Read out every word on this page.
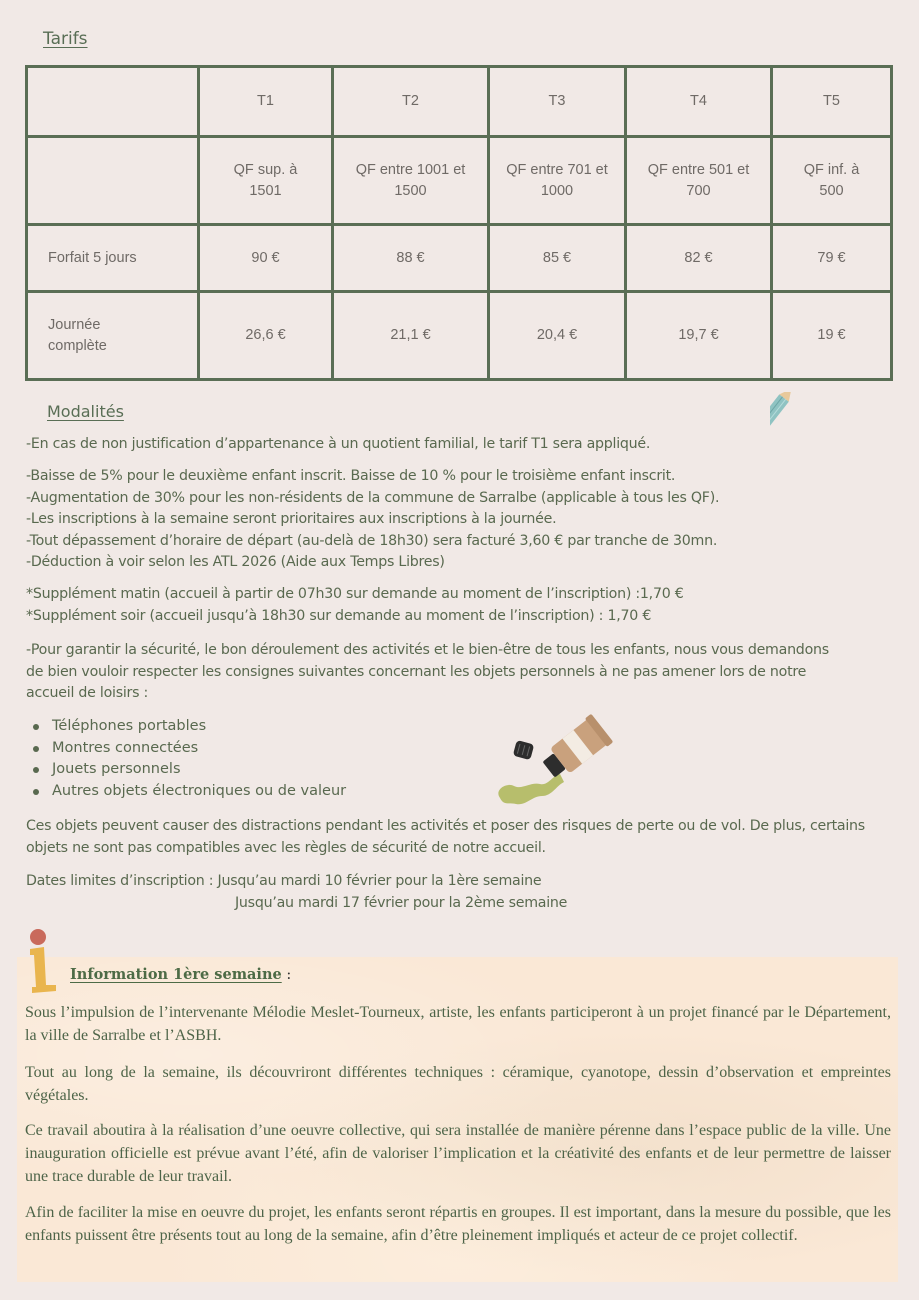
Tarifs
	T1	T2	T3	T4	T5
	QF sup. à 1501	QF entre 1001 et 1500	QF entre 701 et 1000	QF entre 501 et 700	QF inf. à 500
Forfait 5 jours	90 €	88 €	85 €	82 €	79 €
Journée complète	26,6 €	21,1 €	20,4 €	19,7 €	19 €
Modalités

-En cas de non justification d’appartenance à un quotient familial, le tarif T1 sera appliqué.

-Baisse de 5% pour le deuxième enfant inscrit. Baisse de 10 % pour le troisième enfant inscrit.

-Augmentation de 30% pour les non-résidents de la commune de Sarralbe (applicable à tous les QF).

-Les inscriptions à la semaine seront prioritaires aux inscriptions à la journée.

-Tout dépassement d’horaire de départ (au-delà de 18h30) sera facturé 3,60 € par tranche de 30mn.

-Déduction à voir selon les ATL 2026 (Aide aux Temps Libres)

*Supplément matin (accueil à partir de 07h30 sur demande au moment de l’inscription) :1,70 €

*Supplément soir (accueil jusqu’à 18h30 sur demande au moment de l’inscription) : 1,70 €

-Pour garantir la sécurité, le bon déroulement des activités et le bien-être de tous les enfants, nous vous demandons de bien vouloir respecter les consignes suivantes concernant les objets personnels à ne pas amener lors de notre accueil de loisirs :

Téléphones portables
Montres connectées
Jouets personnels
Autres objets électroniques ou de valeur

Ces objets peuvent causer des distractions pendant les activités et poser des risques de perte ou de vol. De plus, certains objets ne sont pas compatibles avec les règles de sécurité de notre accueil.

Dates limites d’inscription : Jusqu’au mardi 10 février pour la 1ère semaine
Jusqu’au mardi 17 février pour la 2ème semaine
Information 1ère semaine :

Sous l’impulsion de l’intervenante Mélodie Meslet-Tourneux, artiste, les enfants participeront à un projet financé par le Département, la ville de Sarralbe et l’ASBH.

Tout au long de la semaine, ils découvriront différentes techniques : céramique, cyanotope, dessin d’observation et empreintes végétales.

Ce travail aboutira à la réalisation d’une oeuvre collective, qui sera installée de manière pérenne dans l’espace public de la ville. Une inauguration officielle est prévue avant l’été, afin de valoriser l’implication et la créativité des enfants et de leur permettre de laisser une trace durable de leur travail.

Afin de faciliter la mise en oeuvre du projet, les enfants seront répartis en groupes. Il est important, dans la mesure du possible, que les enfants puissent être présents tout au long de la semaine, afin d’être pleinement impliqués et acteur de ce projet collectif.
